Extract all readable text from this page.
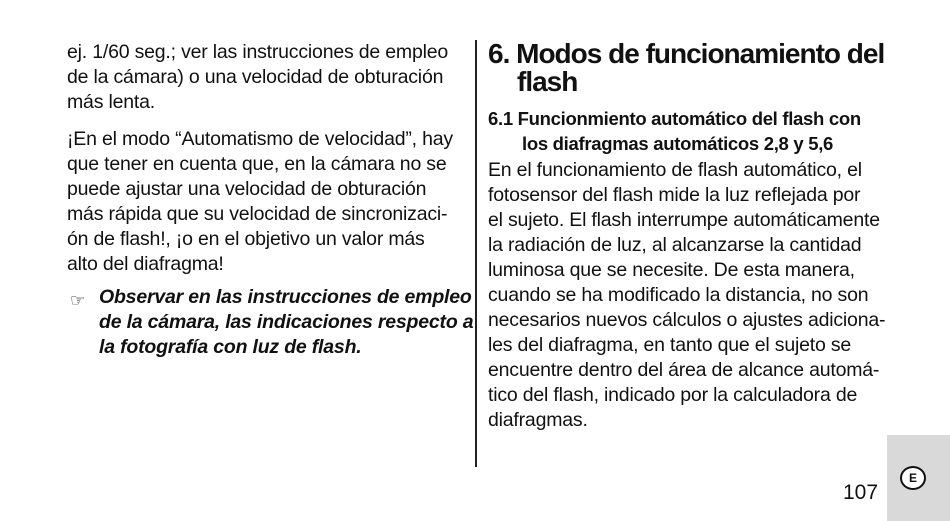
ej. 1/60 seg.; ver las instrucciones de empleo
de la cámara) o una velocidad de obturación
más lenta.
¡En el modo “Automatismo de velocidad”, hay
que tener en cuenta que, en la cámara no se
puede ajustar una velocidad de obturación
más rápida que su velocidad de sincronizaci-
ón de flash!, ¡o en el objetivo un valor más
alto del diafragma!
☞ Observar en las instrucciones de empleo
de la cámara, las indicaciones respecto a
la fotografía con luz de flash.
6. Modos de funcionamiento del
flash
6.1 Funcionmiento automático del flash con
los diafragmas automáticos 2,8 y 5,6
En el funcionamiento de flash automático, el
fotosensor del flash mide la luz reflejada por
el sujeto. El flash interrumpe automáticamente
la radiación de luz, al alcanzarse la cantidad
luminosa que se necesite. De esta manera,
cuando se ha modificado la distancia, no son
necesarios nuevos cálculos o ajustes adiciona-
les del diafragma, en tanto que el sujeto se
encuentre dentro del área de alcance automá-
tico del flash, indicado por la calculadora de
diafragmas.
E
107
